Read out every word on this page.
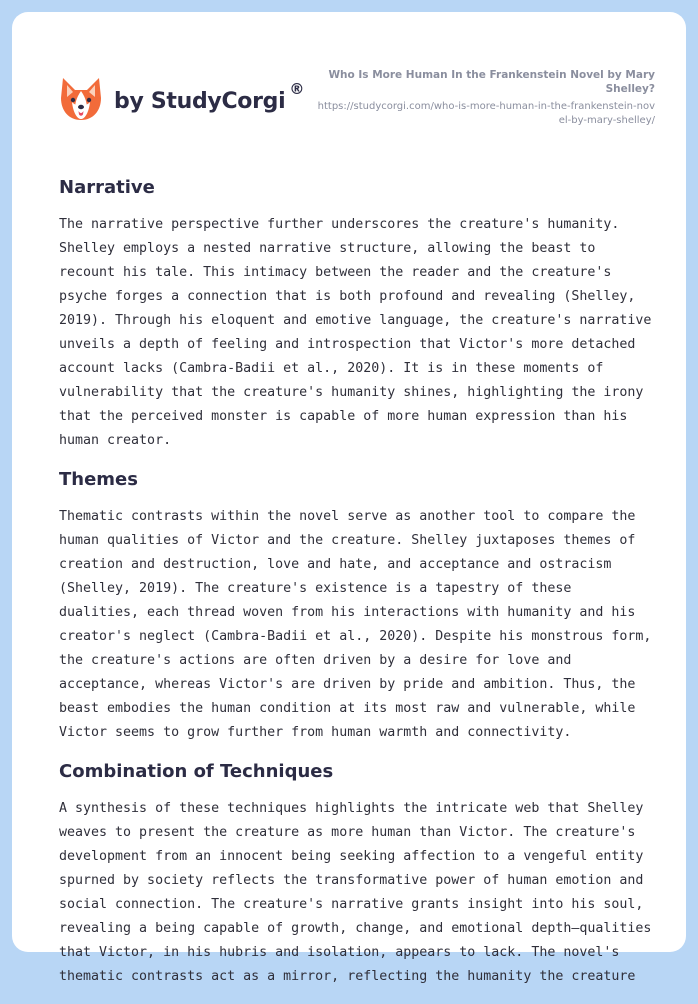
by StudyCorgi ®
Who Is More Human In the Frankenstein Novel by Mary Shelley?
https://studycorgi.com/who-is-more-human-in-the-frankenstein-novel-by-mary-shelley/
Narrative

The narrative perspective further underscores the creature's humanity. Shelley employs a nested narrative structure, allowing the beast to recount his tale. This intimacy between the reader and the creature's psyche forges a connection that is both profound and revealing (Shelley, 2019). Through his eloquent and emotive language, the creature's narrative unveils a depth of feeling and introspection that Victor's more detached account lacks (Cambra-Badii et al., 2020). It is in these moments of vulnerability that the creature's humanity shines, highlighting the irony that the perceived monster is capable of more human expression than his human creator.

Themes

Thematic contrasts within the novel serve as another tool to compare the human qualities of Victor and the creature. Shelley juxtaposes themes of creation and destruction, love and hate, and acceptance and ostracism (Shelley, 2019). The creature's existence is a tapestry of these dualities, each thread woven from his interactions with humanity and his creator's neglect (Cambra-Badii et al., 2020). Despite his monstrous form, the creature's actions are often driven by a desire for love and acceptance, whereas Victor's are driven by pride and ambition. Thus, the beast embodies the human condition at its most raw and vulnerable, while Victor seems to grow further from human warmth and connectivity.

Combination of Techniques

A synthesis of these techniques highlights the intricate web that Shelley weaves to present the creature as more human than Victor. The creature's development from an innocent being seeking affection to a vengeful entity spurned by society reflects the transformative power of human emotion and social connection. The creature's narrative grants insight into his soul, revealing a being capable of growth, change, and emotional depth—qualities that Victor, in his hubris and isolation, appears to lack. The novel's thematic contrasts act as a mirror, reflecting the humanity the creature
